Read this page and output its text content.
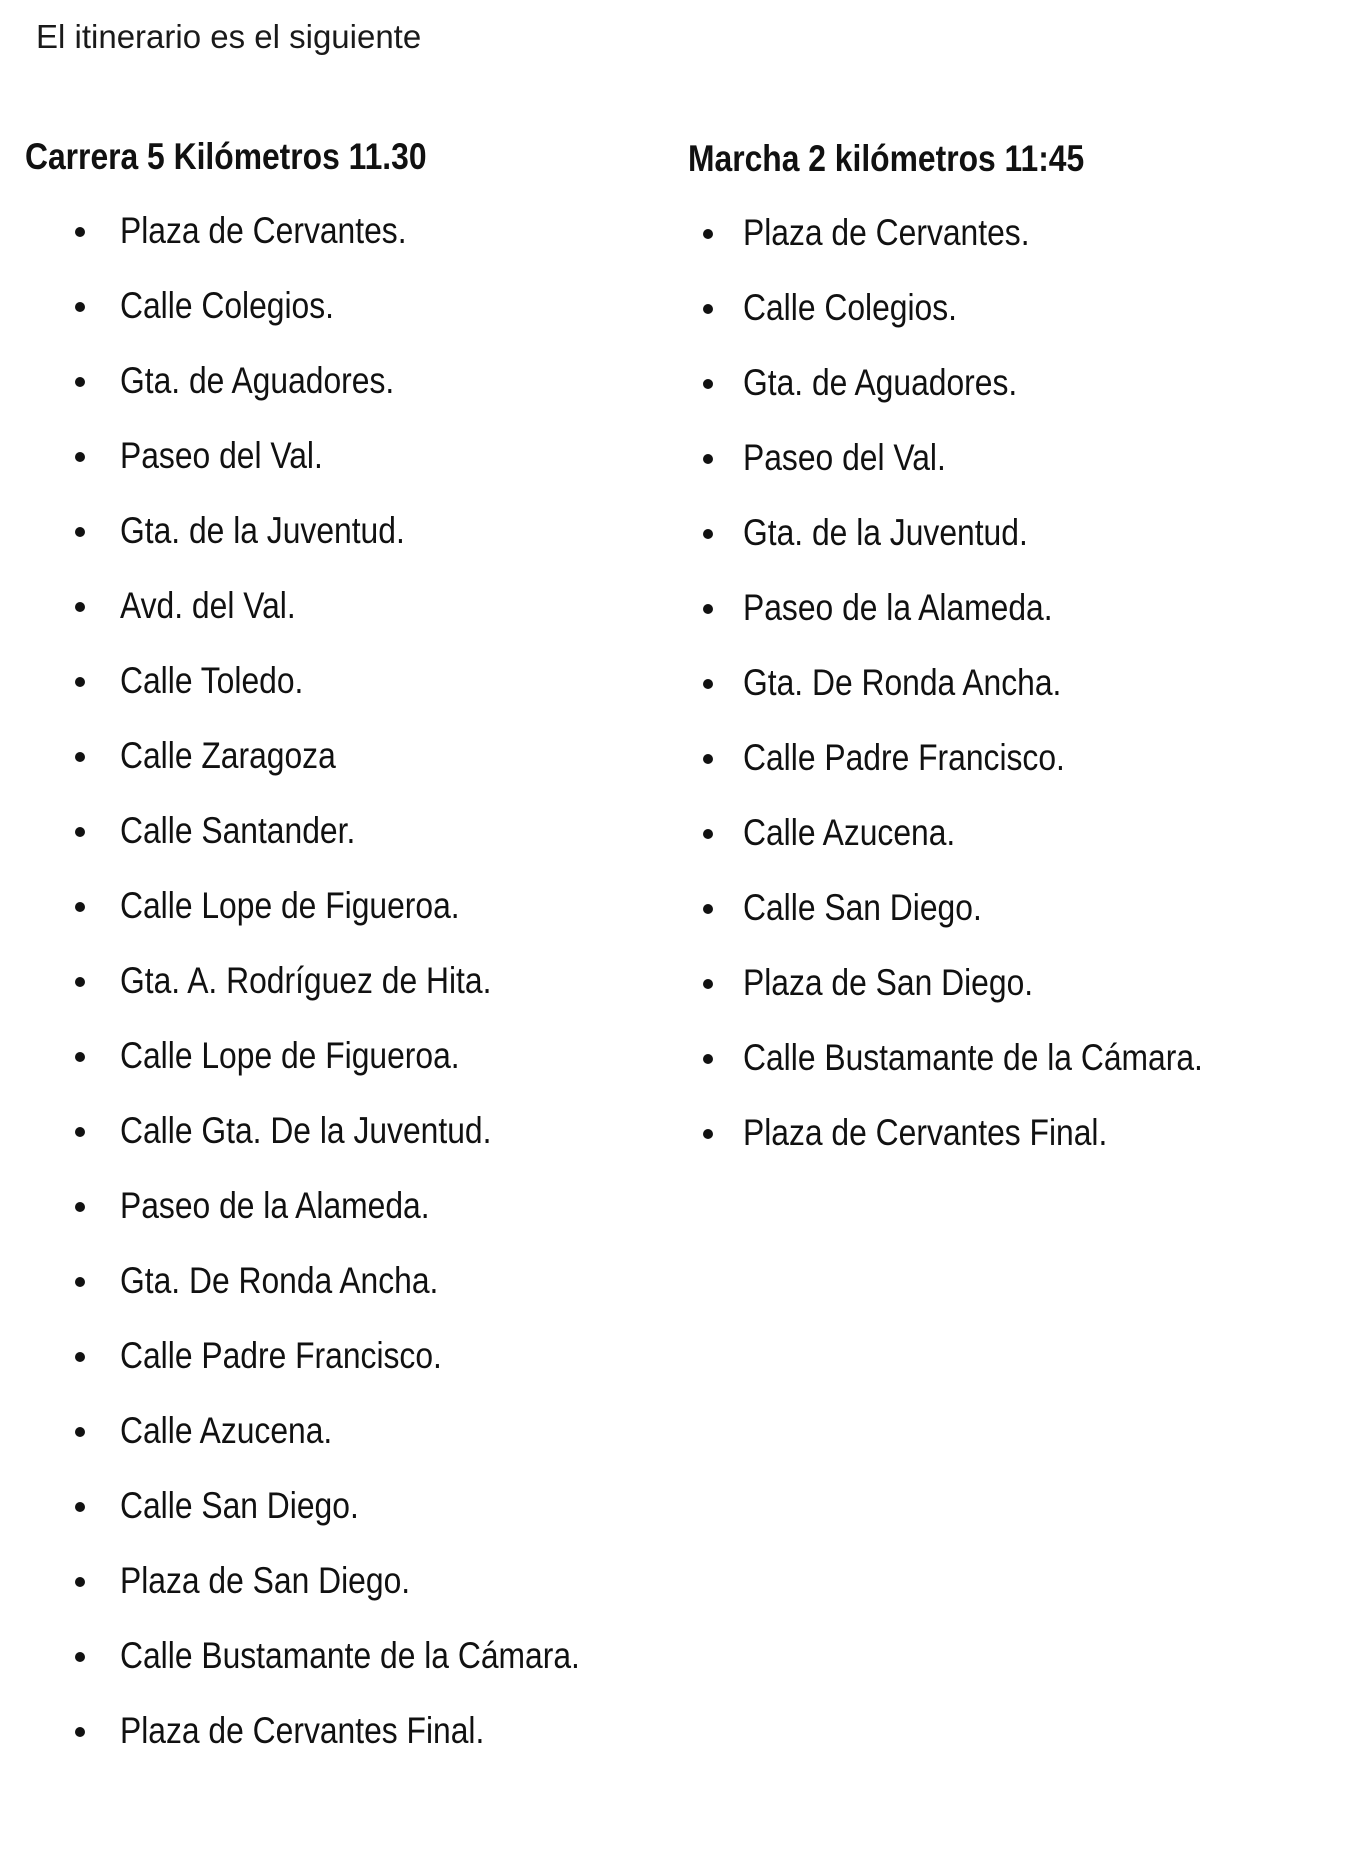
El itinerario es el siguiente

Carrera 5 Kilómetros 11.30
Plaza de Cervantes.
Calle Colegios.
Gta. de Aguadores.
Paseo del Val.
Gta. de la Juventud.
Avd. del Val.
Calle Toledo.
Calle Zaragoza
Calle Santander.
Calle Lope de Figueroa.
Gta. A. Rodríguez de Hita.
Calle Lope de Figueroa.
Calle Gta. De la Juventud.
Paseo de la Alameda.
Gta. De Ronda Ancha.
Calle Padre Francisco.
Calle Azucena.
Calle San Diego.
Plaza de San Diego.
Calle Bustamante de la Cámara.
Plaza de Cervantes Final.
Marcha 2 kilómetros 11:45
Plaza de Cervantes.
Calle Colegios.
Gta. de Aguadores.
Paseo del Val.
Gta. de la Juventud.
Paseo de la Alameda.
Gta. De Ronda Ancha.
Calle Padre Francisco.
Calle Azucena.
Calle San Diego.
Plaza de San Diego.
Calle Bustamante de la Cámara.
Plaza de Cervantes Final.
